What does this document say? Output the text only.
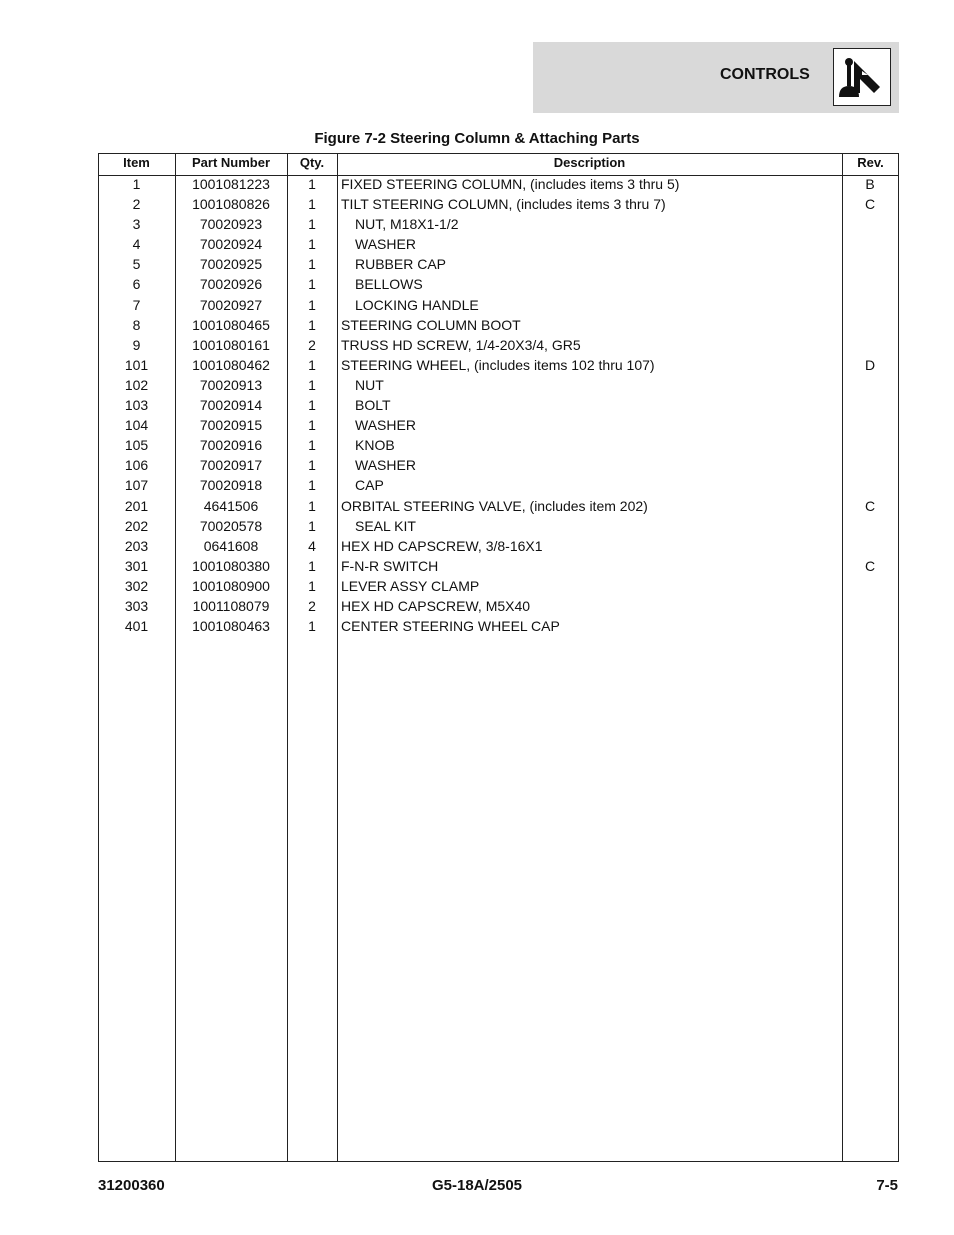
CONTROLS
Figure 7-2 Steering Column & Attaching Parts
Item	Part Number	Qty.	Description	Rev.
1	1001081223	1	FIXED STEERING COLUMN, (includes items 3 thru 5)	B
2	1001080826	1	TILT STEERING COLUMN, (includes items 3 thru 7)	C
3	70020923	1	NUT, M18X1-1/2
4	70020924	1	WASHER
5	70020925	1	RUBBER CAP
6	70020926	1	BELLOWS
7	70020927	1	LOCKING HANDLE
8	1001080465	1	STEERING COLUMN BOOT
9	1001080161	2	TRUSS HD SCREW, 1/4-20X3/4, GR5
101	1001080462	1	STEERING WHEEL, (includes items 102 thru 107)	D
102	70020913	1	NUT
103	70020914	1	BOLT
104	70020915	1	WASHER
105	70020916	1	KNOB
106	70020917	1	WASHER
107	70020918	1	CAP
201	4641506	1	ORBITAL STEERING VALVE, (includes item 202)	C
202	70020578	1	SEAL KIT
203	0641608	4	HEX HD CAPSCREW, 3/8-16X1
301	1001080380	1	F-N-R SWITCH	C
302	1001080900	1	LEVER ASSY CLAMP
303	1001108079	2	HEX HD CAPSCREW, M5X40
401	1001080463	1	CENTER STEERING WHEEL CAP
31200360	G5-18A/2505	7-5
